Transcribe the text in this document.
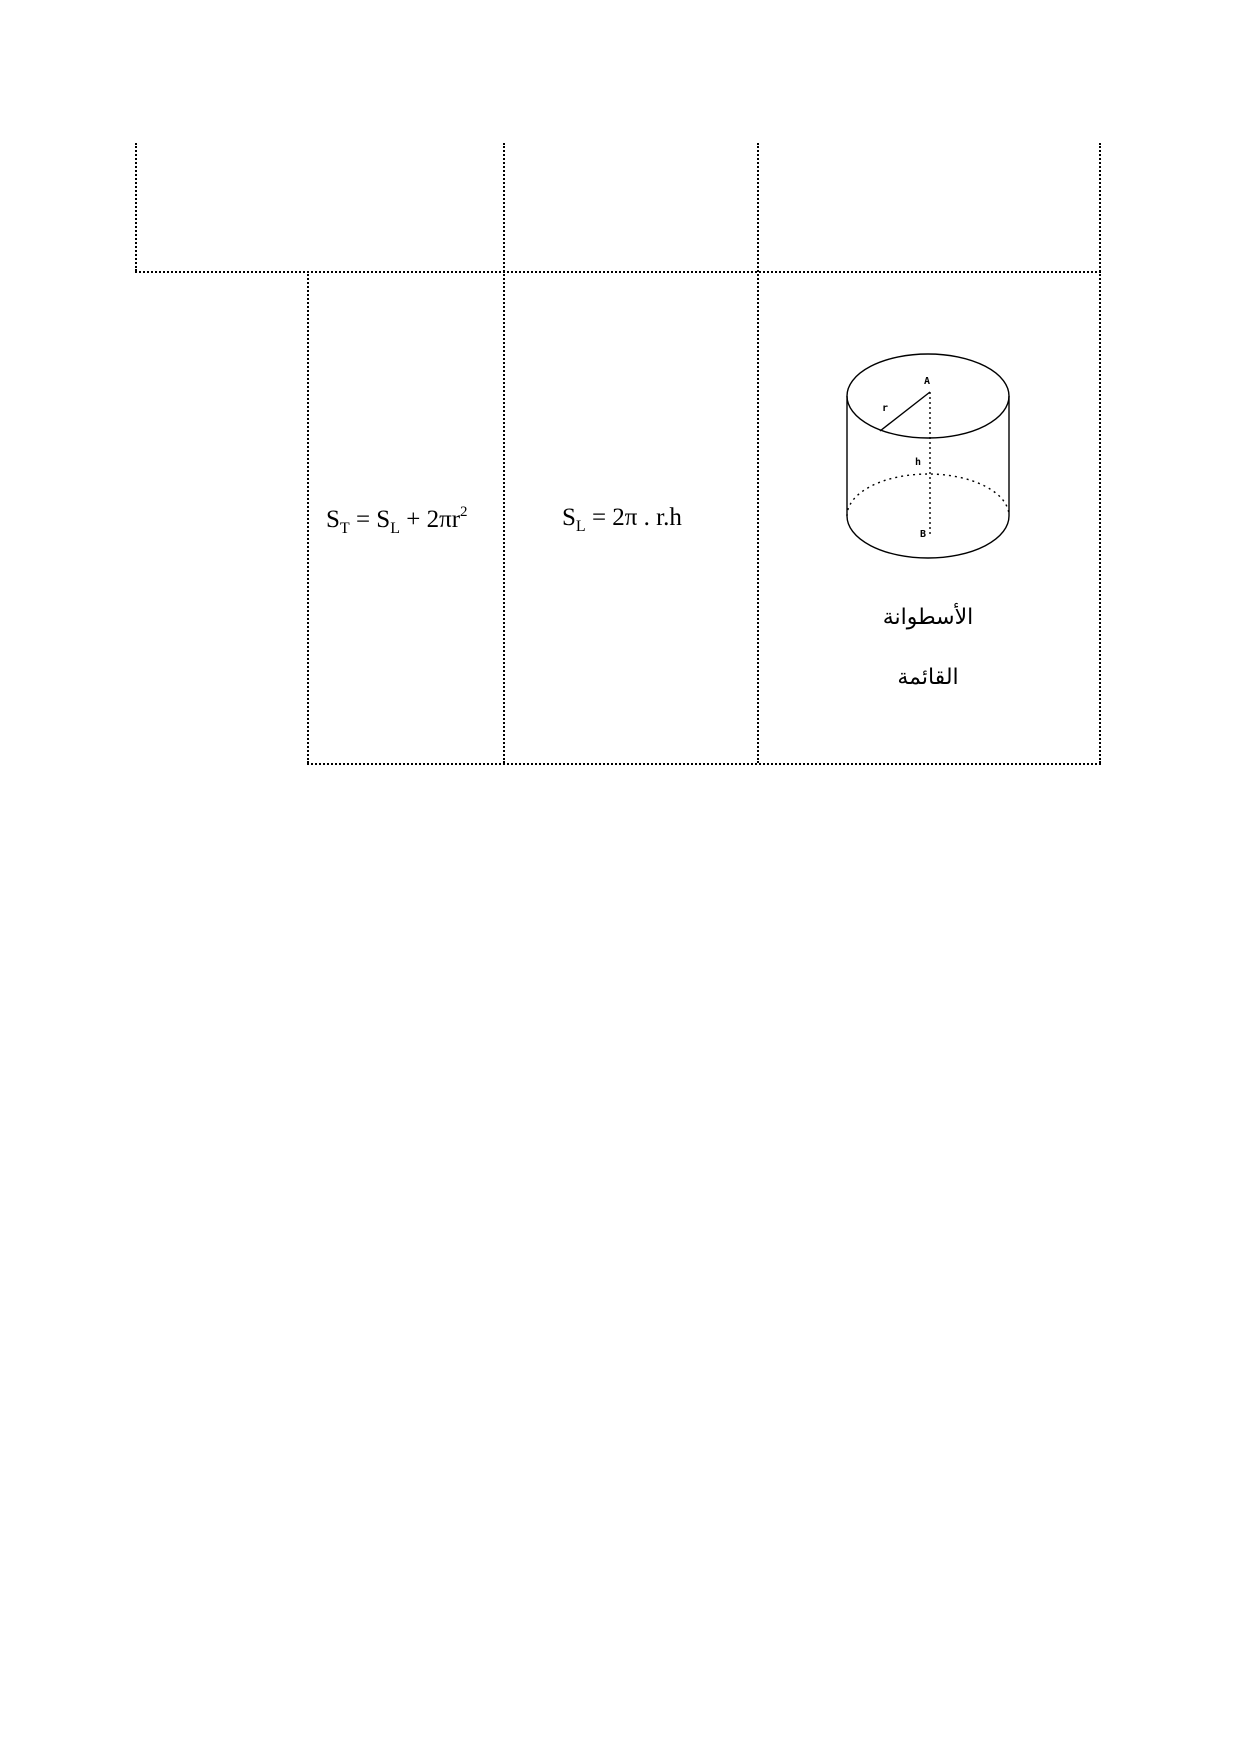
$S_T = S_L + 2\pi r^2$	$S_L = 2\pi$ . r.h
A
r
h
B
الأسطوانة
القائمة
